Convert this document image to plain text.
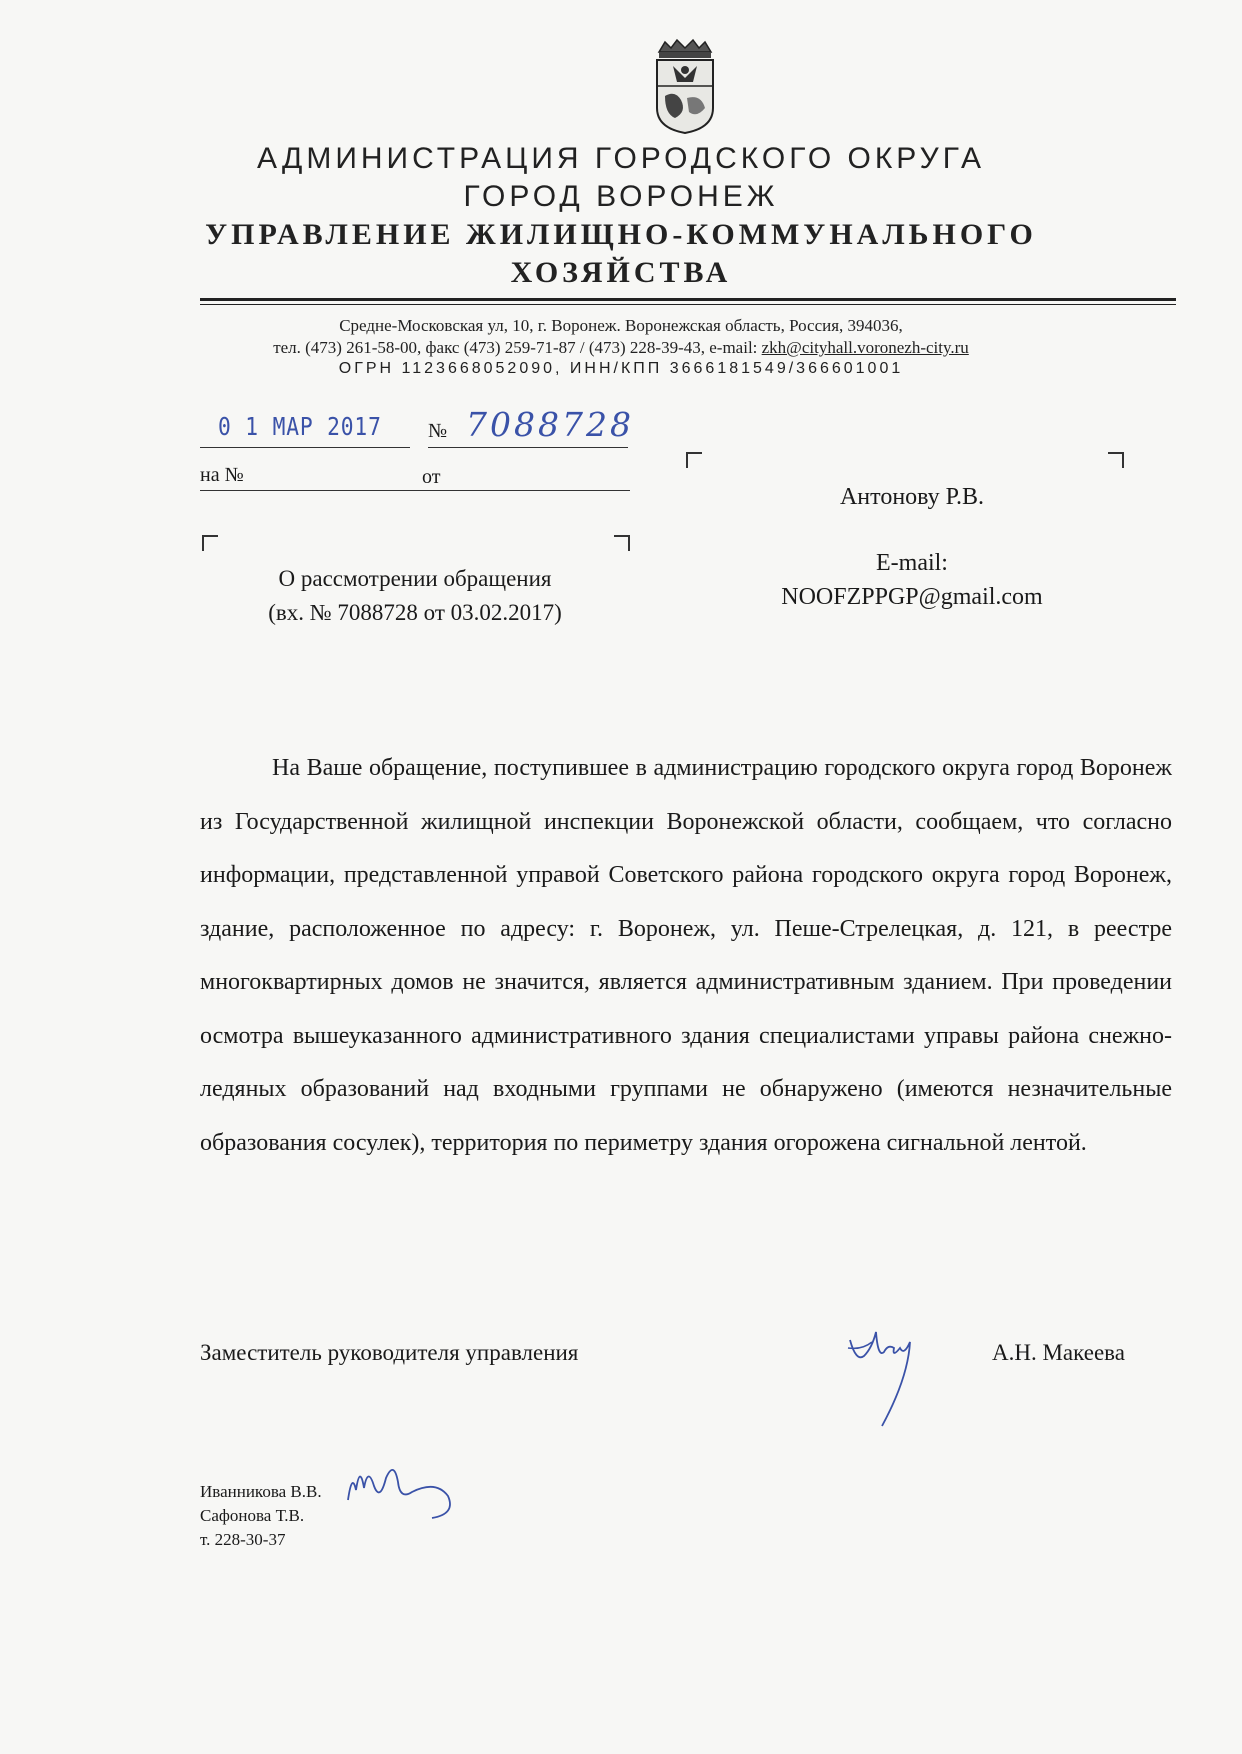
АДМИНИСТРАЦИЯ ГОРОДСКОГО ОКРУГА
ГОРОД ВОРОНЕЖ
УПРАВЛЕНИЕ ЖИЛИЩНО-КОММУНАЛЬНОГО
ХОЗЯЙСТВА
Средне-Московская ул, 10, г. Воронеж. Воронежская область, Россия, 394036,
тел. (473) 261-58-00, факс (473) 259-71-87 / (473) 228-39-43, e-mail: zkh@cityhall.voronezh-city.ru
ОГРН 1123668052090, ИНН/КПП 3666181549/366601001
0 1 MAP 2017 № 7088728
на №	от
Антонову Р.В.
E-mail:
NOOFZPPGP@gmail.com
О рассмотрении обращения
(вх. № 7088728 от 03.02.2017)
На Ваше обращение, поступившее в администрацию городского округа город Воронеж из Государственной жилищной инспекции Воронежской области, сообщаем, что согласно информации, представленной управой Советского района городского округа город Воронеж, здание, расположенное по адресу: г. Воронеж, ул. Пеше-Стрелецкая, д. 121, в реестре многоквартирных домов не значится, является административным зданием. При проведении осмотра вышеуказанного административного здания специалистами управы района снежно-ледяных образований над входными группами не обнаружено (имеются незначительные образования сосулек), территория по периметру здания огорожена сигнальной лентой.
Заместитель руководителя управления	А.Н. Макеева
Иванникова В.В.
Сафонова Т.В.
т. 228-30-37
